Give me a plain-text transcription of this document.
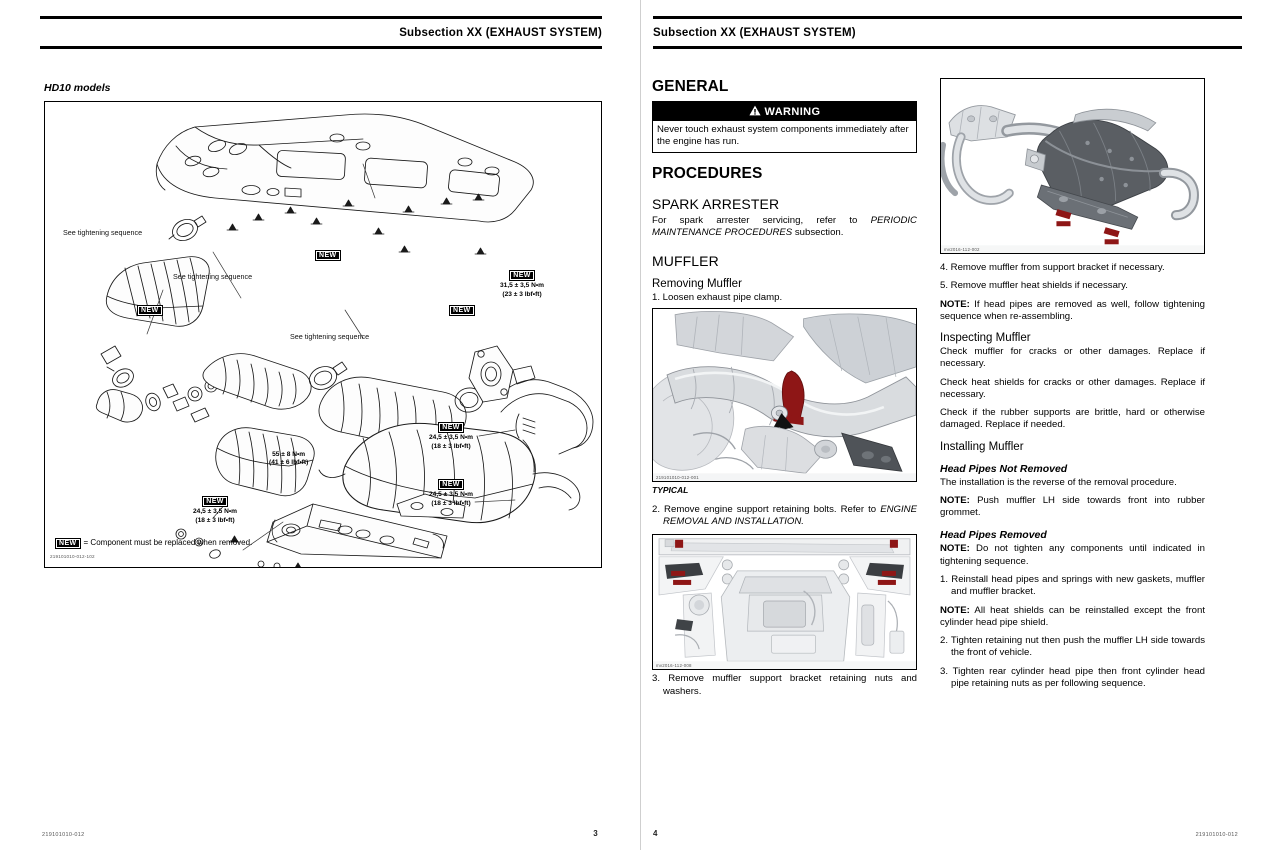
Subsection XX (EXHAUST SYSTEM)
HD10 models
See tightening sequence
See tightening sequence
See tightening sequence
NEW
NEW	NEW
NEW
31,5 ± 3,5 N•m
(23 ± 3 lbf•ft)
NEW
24,5 ± 3,5 N•m
(18 ± 3 lbf•ft)
NEW
24,5 ± 3,5 N•m
(18 ± 3 lbf•ft)
NEW
24,5 ± 3,5 N•m
(18 ± 3 lbf•ft)
55 ± 8 N•m
(41 ± 6 lbf•ft)
NEW = Component must be replaced when removed.
219101010-012-102
219101010-012	3
Subsection XX (EXHAUST SYSTEM)
GENERAL
WARNING
Never touch exhaust system components immediately after the engine has run.
PROCEDURES
SPARK ARRESTER

For spark arrester servicing, refer to PERIODIC MAINTENANCE PROCEDURES subsection.

MUFFLER
Removing Muffler

1. Loosen exhaust pipe clamp.

219101010-012-001
TYPICAL

2. Remove engine support retaining bolts. Refer to ENGINE REMOVAL AND INSTALLATION.

mv2016-112-008

3. Remove muffler support bracket retaining nuts and washers.

mv2016-112-002

4. Remove muffler from support bracket if necessary.

5. Remove muffler heat shields if necessary.

NOTE: If head pipes are removed as well, follow tightening sequence when re-assembling.

Inspecting Muffler

Check muffler for cracks or other damages. Replace if necessary.

Check heat shields for cracks or other damages. Replace if necessary.

Check if the rubber supports are brittle, hard or otherwise damaged. Replace if needed.

Installing Muffler
Head Pipes Not Removed

The installation is the reverse of the removal procedure.

NOTE: Push muffler LH side towards front into rubber grommet.

Head Pipes Removed

NOTE: Do not tighten any components until indicated in tightening sequence.

1. Reinstall head pipes and springs with new gaskets, muffler and muffler bracket.

NOTE: All heat shields can be reinstalled except the front cylinder head pipe shield.

2. Tighten retaining nut then push the muffler LH side towards the front of vehicle.

3. Tighten rear cylinder head pipe then front cylinder head pipe retaining nuts as per following sequence.

4	219101010-012
